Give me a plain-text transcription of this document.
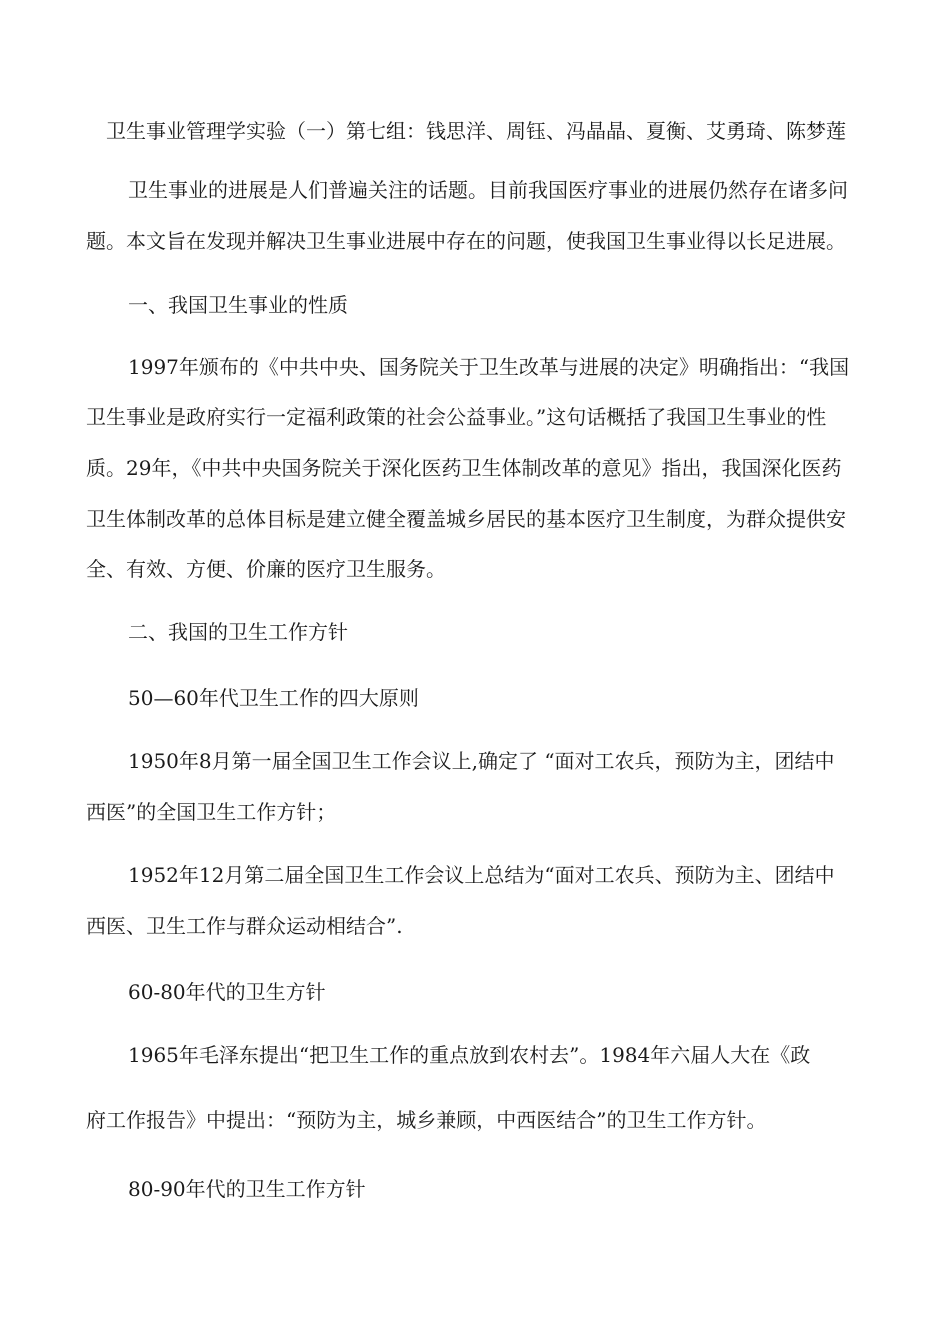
卫生事业管理学实验（一）第七组：钱思洋、周钰、冯晶晶、夏衡、艾勇琦、陈梦莲
卫生事业的进展是人们普遍关注的话题。目前我国医疗事业的进展仍然存在诸多问
题。本文旨在发现并解决卫生事业进展中存在的问题，使我国卫生事业得以长足进展。
一、我国卫生事业的性质
1997年颁布的《中共中央、国务院关于卫生改革与进展的决定》明确指出：“我国
卫生事业是政府实行一定福利政策的社会公益事业。”这句话概括了我国卫生事业的性
质。29年，《中共中央国务院关于深化医药卫生体制改革的意见》指出，我国深化医药
卫生体制改革的总体目标是建立健全覆盖城乡居民的基本医疗卫生制度，为群众提供安
全、有效、方便、价廉的医疗卫生服务。
二、我国的卫生工作方针
50—60年代卫生工作的四大原则
1950年8月第一届全国卫生工作会议上,确定了 “面对工农兵，预防为主，团结中
西医”的全国卫生工作方针；
1952年12月第二届全国卫生工作会议上总结为“面对工农兵、预防为主、团结中
西医、卫生工作与群众运动相结合”.
60-80年代的卫生方针
1965年毛泽东提出“把卫生工作的重点放到农村去”。1984年六届人大在《政
府工作报告》中提出：“预防为主，城乡兼顾，中西医结合”的卫生工作方针。
80-90年代的卫生工作方针
